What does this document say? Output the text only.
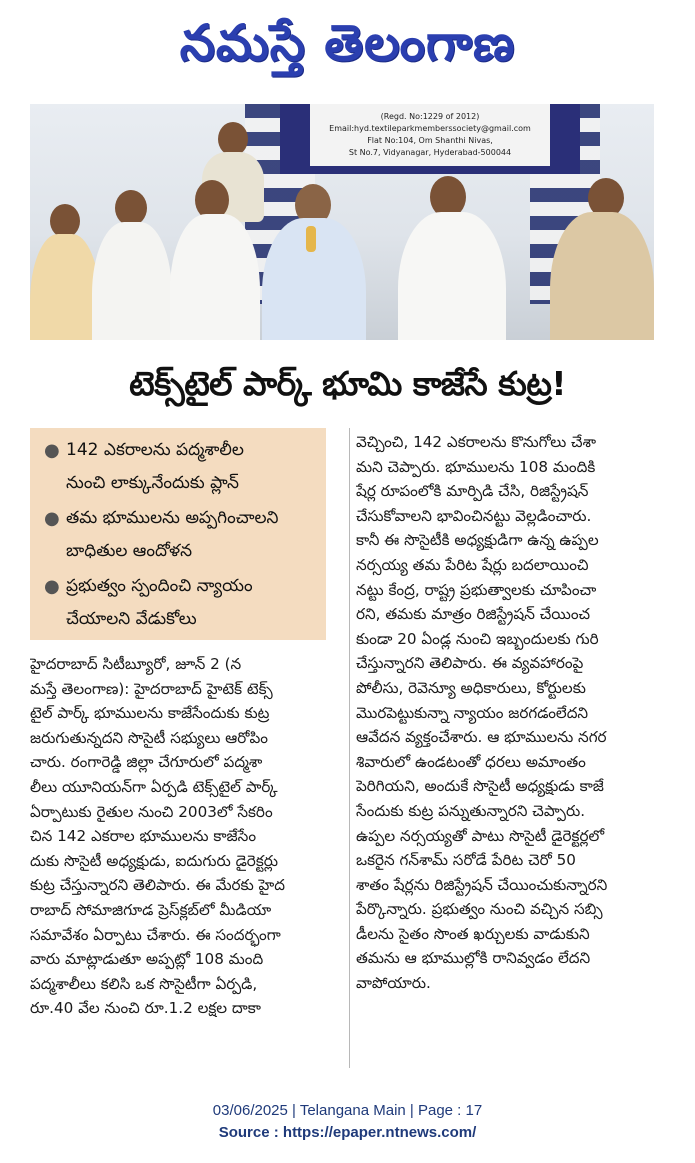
నమస్తే తెలంగాణ
(Regd. No:1229 of 2012)
Email:hyd.textileparkmemberssociety@gmail.com
Flat No:104, Om Shanthi Nivas,
St No.7, Vidyanagar, Hyderabad-500044
టెక్స్‌టైల్ పార్క్ భూమి కాజేసే కుట్ర!
● 142 ఎకరాలను పద్మశాలీల
నుంచి లాక్కునేందుకు ప్లాన్
● తమ భూములను అప్పగించాలని
బాధితుల ఆందోళన
● ప్రభుత్వం స్పందించి న్యాయం
చేయాలని వేడుకోలు
హైదరాబాద్ సిటీబ్యూరో, జూన్ 2 (న
మస్తే తెలంగాణ): హైదరాబాద్ హైటెక్ టెక్స్
టైల్ పార్క్ భూములను కాజేసేందుకు కుట్ర
జరుగుతున్నదని సొసైటీ సభ్యులు ఆరోపిం
చారు. రంగారెడ్డి జిల్లా చేగూరులో పద్మశా
లీలు యూనియన్‌గా ఏర్పడి టెక్స్‌టైల్ పార్క్
ఏర్పాటుకు రైతుల నుంచి 2003లో సేకరిం
చిన 142 ఎకరాల భూములను కాజేసేం
దుకు సొసైటీ అధ్యక్షుడు, ఐదుగురు డైరెక్టర్లు
కుట్ర చేస్తున్నారని తెలిపారు. ఈ మేరకు హైద
రాబాద్ సోమాజిగూడ ప్రెస్‌క్లబ్‌లో మీడియా
సమావేశం ఏర్పాటు చేశారు. ఈ సందర్భంగా
వారు మాట్లాడుతూ అప్పట్లో 108 మంది
పద్మశాలీలు కలిసి ఒక సొసైటీగా ఏర్పడి,
రూ.40 వేల నుంచి రూ.1.2 లక్షల దాకా
వెచ్చించి, 142 ఎకరాలను కొనుగోలు చేశా
మని చెప్పారు. భూములను 108 మందికి
షేర్ల రూపంలోకి మార్పిడి చేసి, రిజిస్ట్రేషన్
చేసుకోవాలని భావించినట్టు వెల్లడించారు.
కానీ ఈ సొసైటీకి అధ్యక్షుడిగా ఉన్న ఉప్పల
నర్సయ్య తమ పేరిట షేర్లు బదలాయించి
నట్టు కేంద్ర, రాష్ట్ర ప్రభుత్వాలకు చూపించా
రని, తమకు మాత్రం రిజిస్ట్రేషన్ చేయించ
కుండా 20 ఏండ్ల నుంచి ఇబ్బందులకు గురి
చేస్తున్నారని తెలిపారు. ఈ వ్యవహారంపై
పోలీసు, రెవెన్యూ అధికారులు, కోర్టులకు
మొరపెట్టుకున్నా న్యాయం జరగడంలేదని
ఆవేదన వ్యక్తంచేశారు. ఆ భూములను నగర
శివారులో ఉండటంతో ధరలు అమాంతం
పెరిగియని, అందుకే సొసైటీ అధ్యక్షుడు కాజే
సేందుకు కుట్ర పన్నుతున్నారని చెప్పారు.
ఉప్పల నర్సయ్యతో పాటు సొసైటీ డైరెక్టర్లలో
ఒకరైన గన్‌శామ్ సరోడే పేరిట చెరో 50
శాతం షేర్లను రిజిస్ట్రేషన్ చేయించుకున్నారని
పేర్కొన్నారు. ప్రభుత్వం నుంచి వచ్చిన సబ్సి
డీలను సైతం సొంత ఖర్చులకు వాడుకుని
తమను ఆ భూముల్లోకి రానివ్వడం లేదని
వాపోయారు.
03/06/2025 | Telangana Main | Page : 17
Source : https://epaper.ntnews.com/
